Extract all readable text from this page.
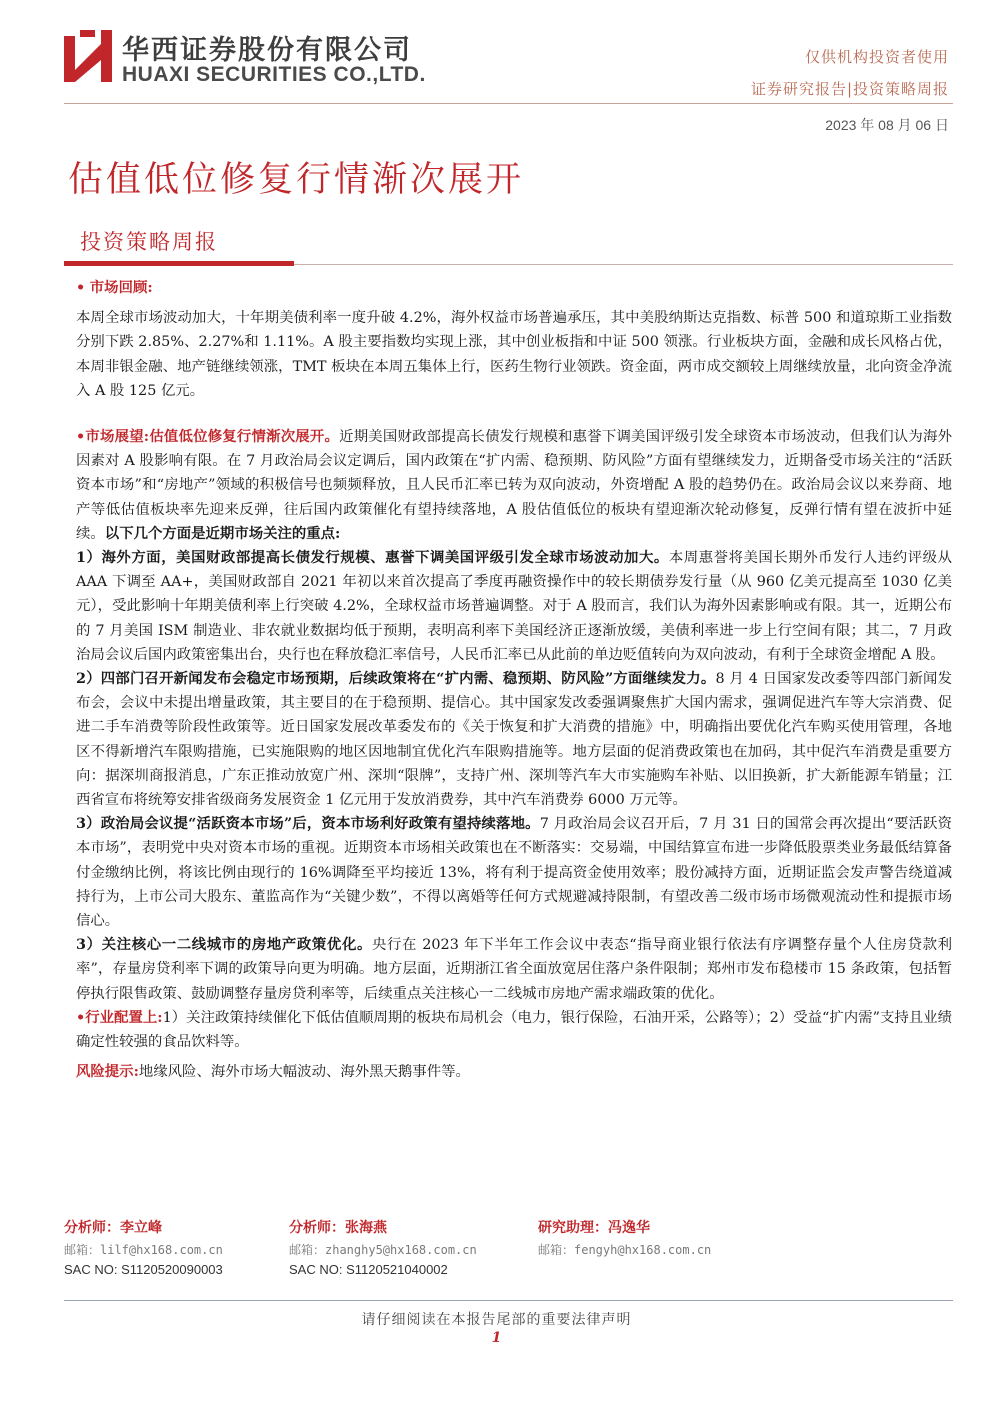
华西证券股份有限公司
HUAXI SECURITIES CO.,LTD.
仅供机构投资者使用
证券研究报告|投资策略周报
2023 年 08 月 06 日
估值低位修复行情渐次展开
投资策略周报

• 市场回顾:

本周全球市场波动加大，十年期美债利率一度升破 4.2%，海外权益市场普遍承压，其中美股纳斯达克指数、标普 500 和道琼斯工业指数分别下跌 2.85%、2.27%和 1.11%。A 股主要指数均实现上涨，其中创业板指和中证 500 领涨。行业板块方面，金融和成长风格占优，本周非银金融、地产链继续领涨，TMT 板块在本周五集体上行，医药生物行业领跌。资金面，两市成交额较上周继续放量，北向资金净流入 A 股 125 亿元。

•市场展望:估值低位修复行情渐次展开。近期美国财政部提高长债发行规模和惠誉下调美国评级引发全球资本市场波动，但我们认为海外因素对 A 股影响有限。在 7 月政治局会议定调后，国内政策在“扩内需、稳预期、防风险”方面有望继续发力，近期备受市场关注的“活跃资本市场”和“房地产”领域的积极信号也频频释放，且人民币汇率已转为双向波动，外资增配 A 股的趋势仍在。政治局会议以来券商、地产等低估值板块率先迎来反弹，往后国内政策催化有望持续落地，A 股估值低位的板块有望迎渐次轮动修复，反弹行情有望在波折中延续。以下几个方面是近期市场关注的重点:

1）海外方面，美国财政部提高长债发行规模、惠誉下调美国评级引发全球市场波动加大。本周惠誉将美国长期外币发行人违约评级从 AAA 下调至 AA+，美国财政部自 2021 年初以来首次提高了季度再融资操作中的较长期债券发行量（从 960 亿美元提高至 1030 亿美元），受此影响十年期美债利率上行突破 4.2%，全球权益市场普遍调整。对于 A 股而言，我们认为海外因素影响或有限。其一，近期公布的 7 月美国 ISM 制造业、非农就业数据均低于预期，表明高利率下美国经济正逐渐放缓，美债利率进一步上行空间有限；其二，7 月政治局会议后国内政策密集出台，央行也在释放稳汇率信号，人民币汇率已从此前的单边贬值转向为双向波动，有利于全球资金增配 A 股。

2）四部门召开新闻发布会稳定市场预期，后续政策将在“扩内需、稳预期、防风险”方面继续发力。8 月 4 日国家发改委等四部门新闻发布会，会议中未提出增量政策，其主要目的在于稳预期、提信心。其中国家发改委强调聚焦扩大国内需求，强调促进汽车等大宗消费、促进二手车消费等阶段性政策等。近日国家发展改革委发布的《关于恢复和扩大消费的措施》中，明确指出要优化汽车购买使用管理，各地区不得新增汽车限购措施，已实施限购的地区因地制宜优化汽车限购措施等。地方层面的促消费政策也在加码，其中促汽车消费是重要方向：据深圳商报消息，广东正推动放宽广州、深圳“限牌”，支持广州、深圳等汽车大市实施购车补贴、以旧换新，扩大新能源车销量；江西省宣布将统筹安排省级商务发展资金 1 亿元用于发放消费券，其中汽车消费券 6000 万元等。

3）政治局会议提“活跃资本市场”后，资本市场利好政策有望持续落地。7 月政治局会议召开后，7 月 31 日的国常会再次提出“要活跃资本市场”，表明党中央对资本市场的重视。近期资本市场相关政策也在不断落实：交易端，中国结算宣布进一步降低股票类业务最低结算备付金缴纳比例，将该比例由现行的 16%调降至平均接近 13%，将有利于提高资金使用效率；股份减持方面，近期证监会发声警告绕道减持行为，上市公司大股东、董监高作为“关键少数”，不得以离婚等任何方式规避减持限制，有望改善二级市场市场微观流动性和提振市场信心。

3）关注核心一二线城市的房地产政策优化。央行在 2023 年下半年工作会议中表态“指导商业银行依法有序调整存量个人住房贷款利率”，存量房贷利率下调的政策导向更为明确。地方层面，近期浙江省全面放宽居住落户条件限制；郑州市发布稳楼市 15 条政策，包括暂停执行限售政策、鼓励调整存量房贷利率等，后续重点关注核心一二线城市房地产需求端政策的优化。

•行业配置上:1）关注政策持续催化下低估值顺周期的板块布局机会（电力，银行保险，石油开采，公路等）；2）受益“扩内需”支持且业绩确定性较强的食品饮料等。

风险提示:地缘风险、海外市场大幅波动、海外黑天鹅事件等。

分析师：李立峰
邮箱：lilf@hx168.com.cn
SAC NO: S1120520090003
分析师：张海燕
邮箱：zhanghy5@hx168.com.cn
SAC NO: S1120521040002
研究助理：冯逸华
邮箱：fengyh@hx168.com.cn
请仔细阅读在本报告尾部的重要法律声明
1
